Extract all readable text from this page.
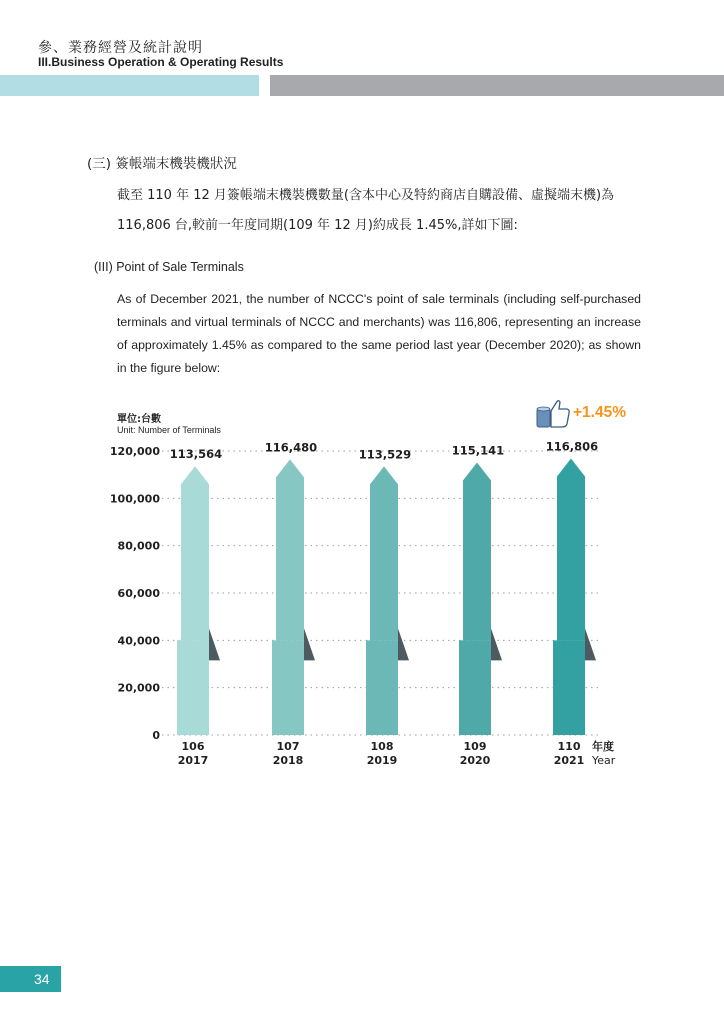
參、業務經營及統計說明
III.Business Operation & Operating Results
(三) 簽帳端末機裝機狀況
截至 110 年 12 月簽帳端末機裝機數量(含本中心及特約商店自購設備、虛擬端末機)為116,806 台,較前一年度同期(109 年 12 月)約成長 1.45%,詳如下圖:
(III) Point of Sale Terminals
As of December 2021, the number of NCCC's point of sale terminals (including self-purchased terminals and virtual terminals of NCCC and merchants) was 116,806, representing an increase of approximately 1.45% as compared to the same period last year (December 2020); as shown in the figure below:
單位:台數
Unit: Number of Terminals
+1.45%
0
20,000
40,000
60,000
80,000
100,000
120,000 113,564
106
2017
116,480
107
2018
113,529
108
2019
115,141
109
2020
116,806
110
2021
年度
Year
34
